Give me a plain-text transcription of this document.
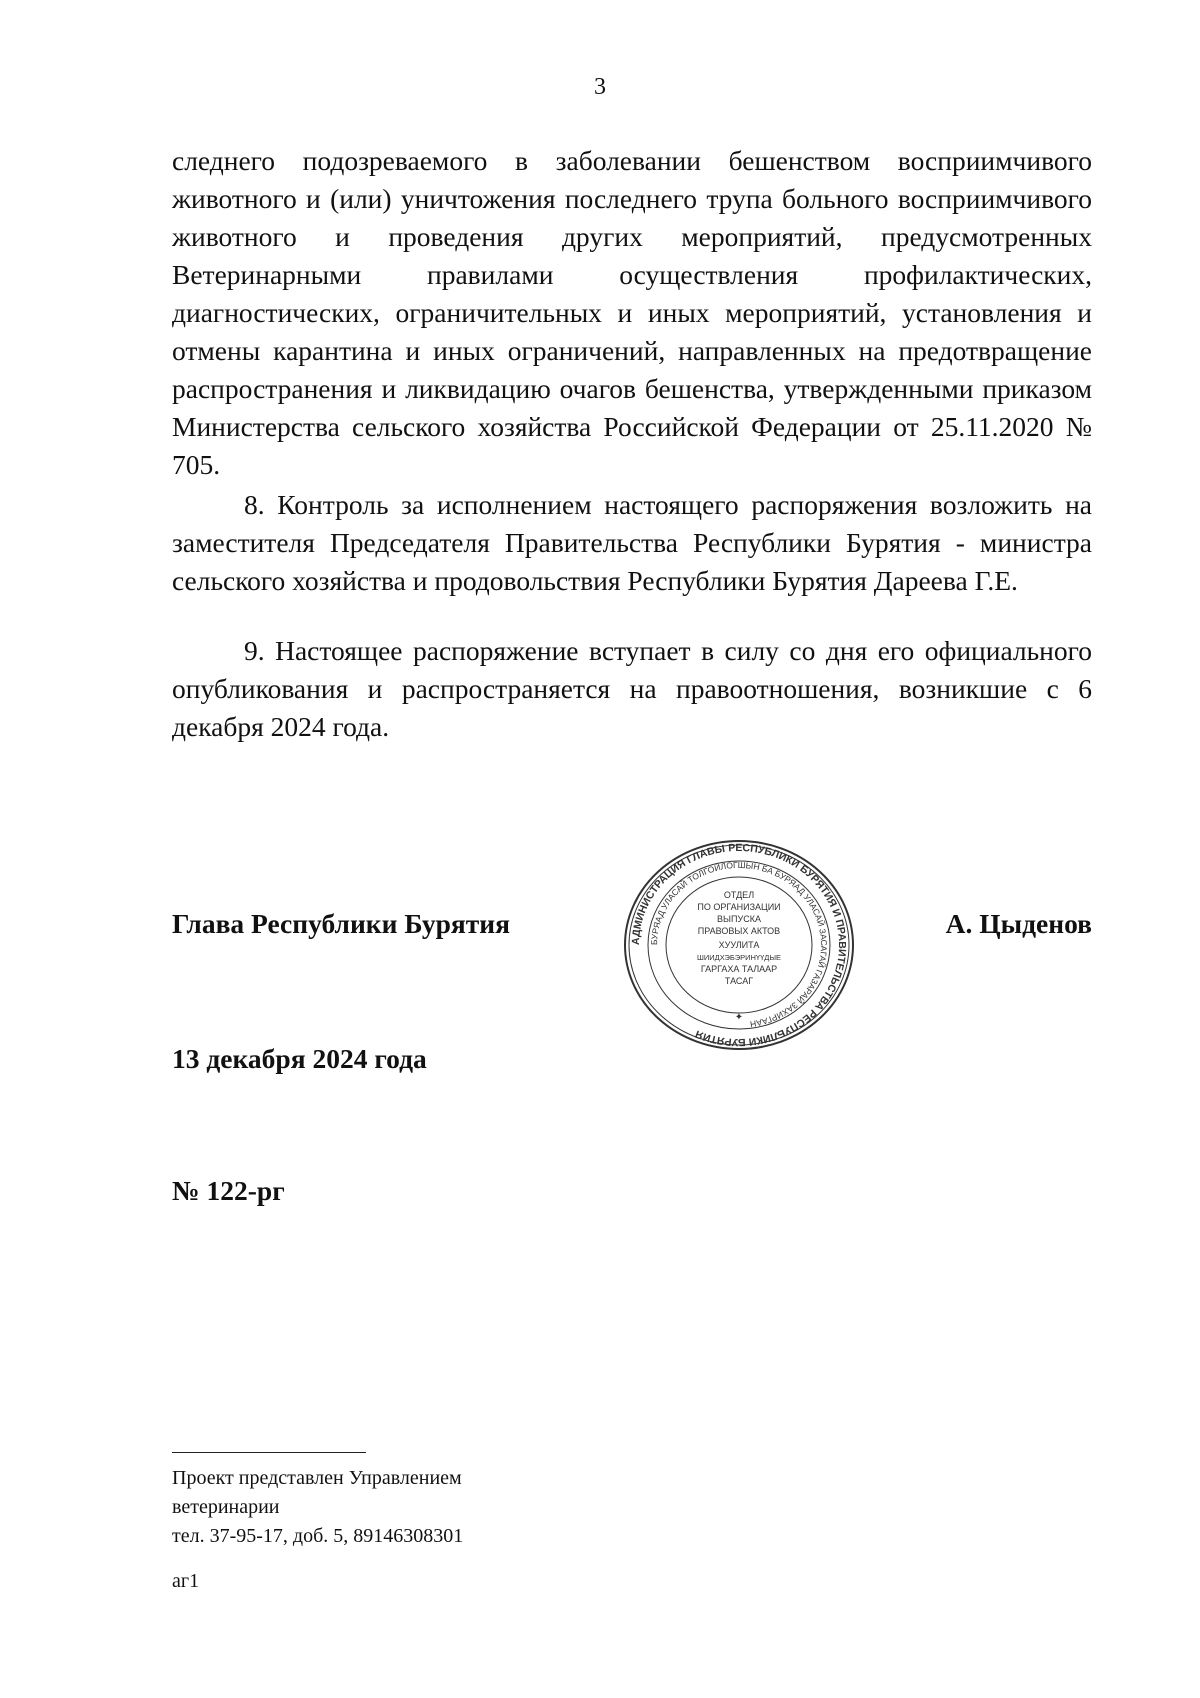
3

следнего подозреваемого в заболевании бешенством восприимчивого животного и (или) уничтожения последнего трупа больного восприимчивого животного и проведения других мероприятий, предусмотренных Ветеринарными правилами осуществления профилактических, диагностических, ограничительных и иных мероприятий, установления и отмены карантина и иных ограничений, направленных на предотвращение распространения и ликвидацию очагов бешенства, утвержденными приказом Министерства сельского хозяйства Российской Федерации от 25.11.2020 № 705.

8. Контроль за исполнением настоящего распоряжения возложить на заместителя Председателя Правительства Республики Бурятия - министра сельского хозяйства и продовольствия Республики Бурятия Дареева Г.Е.

9. Настоящее распоряжение вступает в силу со дня его официального опубликования и распространяется на правоотношения, возникшие с 6 декабря 2024 года.

Глава Республики Бурятия	А. Цыденов
13 декабря 2024 года
№ 122-рг
АДМИНИСТРАЦИЯ ГЛАВЫ РЕСПУБЛИКИ БУРЯТИЯ И ПРАВИТЕЛЬСТВА РЕСПУБЛИКИ БУРЯТИЯ
БУРЯАД УЛАСАЙ ТОЛГОЙЛОГШЫН БА БУРЯАД УЛАСАЙ ЗАСАГАЙ ГАЗАРАЙ ЗАХИРГААН
ОТДЕЛ
ПО ОРГАНИЗАЦИИ
ВЫПУСКА
ПРАВОВЫХ АКТОВ
ХУУЛИТА
ШИИДХЭБЭРИНҮҮДЫЕ
ГАРГАХА ТАЛААР
ТАСАГ
✦
Проект представлен Управлением
ветеринарии
тел. 37-95-17, доб. 5, 89146308301
аг1
